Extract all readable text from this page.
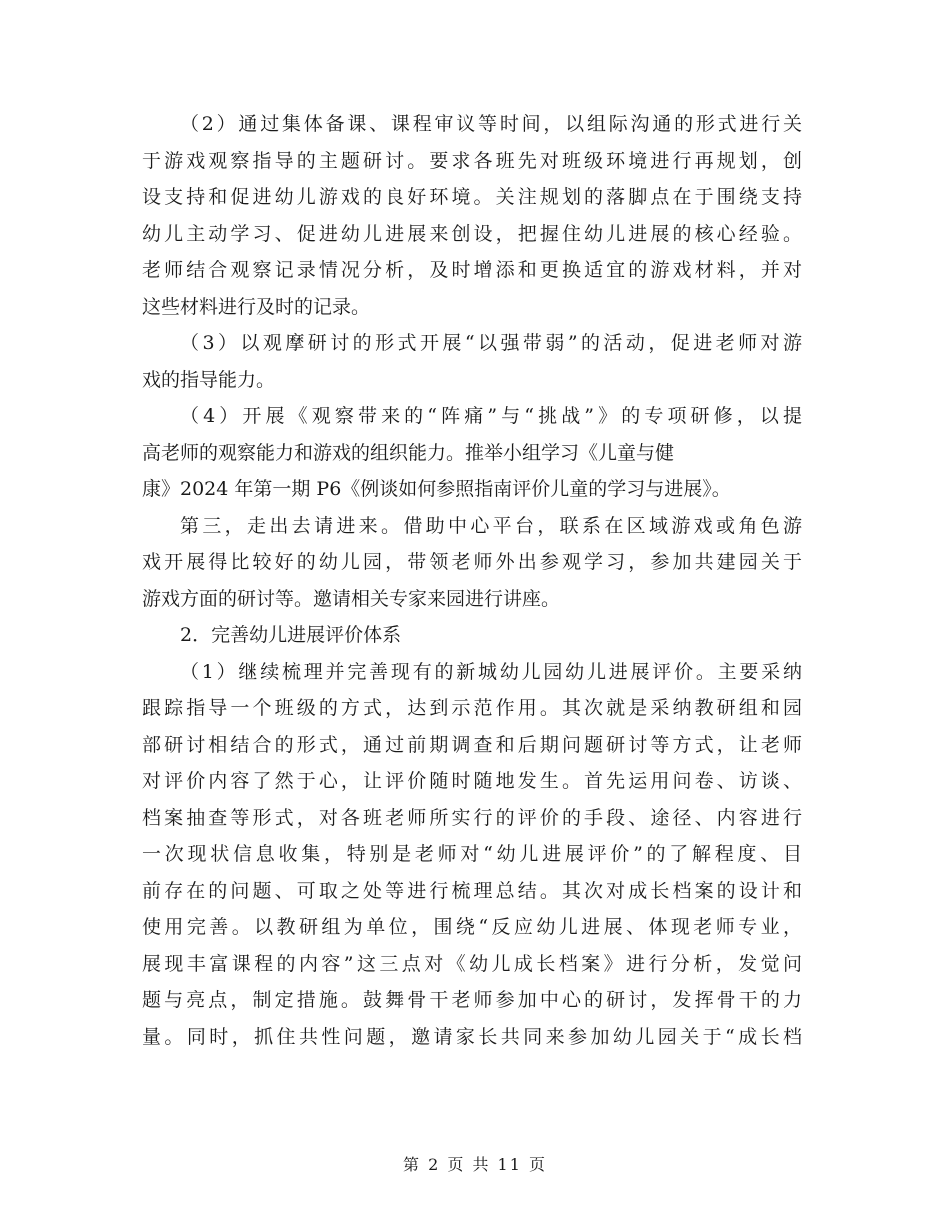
（2）通过集体备课、课程审议等时间，以组际沟通的形式进行关
于游戏观察指导的主题研讨。要求各班先对班级环境进行再规划，创
设支持和促进幼儿游戏的良好环境。关注规划的落脚点在于围绕支持
幼儿主动学习、促进幼儿进展来创设，把握住幼儿进展的核心经验。
老师结合观察记录情况分析，及时增添和更换适宜的游戏材料，并对
这些材料进行及时的记录。
（3）以观摩研讨的形式开展“以强带弱”的活动，促进老师对游
戏的指导能力。
（4）开展《观察带来的“阵痛”与“挑战”》的专项研修，以提
高老师的观察能力和游戏的组织能力。推举小组学习《儿童与健
康》2024 年第一期 P6《例谈如何参照指南评价儿童的学习与进展》。
第三，走出去请进来。借助中心平台，联系在区域游戏或角色游
戏开展得比较好的幼儿园，带领老师外出参观学习，参加共建园关于
游戏方面的研讨等。邀请相关专家来园进行讲座。
2．完善幼儿进展评价体系
（1）继续梳理并完善现有的新城幼儿园幼儿进展评价。主要采纳
跟踪指导一个班级的方式，达到示范作用。其次就是采纳教研组和园
部研讨相结合的形式，通过前期调查和后期问题研讨等方式，让老师
对评价内容了然于心，让评价随时随地发生。首先运用问卷、访谈、
档案抽查等形式，对各班老师所实行的评价的手段、途径、内容进行
一次现状信息收集，特别是老师对“幼儿进展评价”的了解程度、目
前存在的问题、可取之处等进行梳理总结。其次对成长档案的设计和
使用完善。以教研组为单位，围绕“反应幼儿进展、体现老师专业，
展现丰富课程的内容”这三点对《幼儿成长档案》进行分析，发觉问
题与亮点，制定措施。鼓舞骨干老师参加中心的研讨，发挥骨干的力
量。同时，抓住共性问题，邀请家长共同来参加幼儿园关于“成长档
第 2 页 共 11 页
